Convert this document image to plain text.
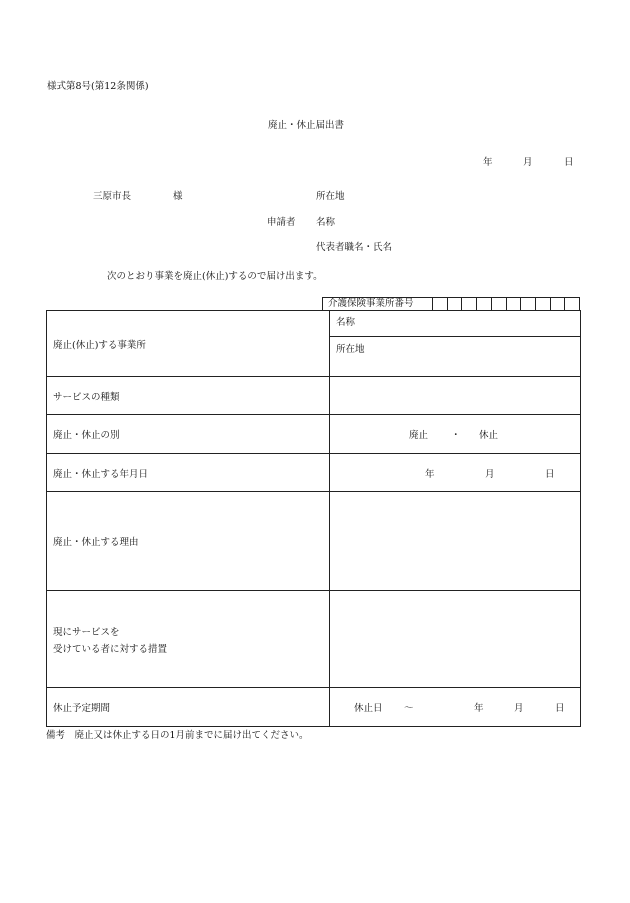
様式第8号(第12条関係)
廃止・休止届出書
年	月	日
三原市長	様	所在地
申請者 名称
代表者職名・氏名
次のとおり事業を廃止(休止)するので届け出ます。
介護保険事業所番号
廃止(休止)する事業所	名称
所在地

サービスの種類	
廃止・休止の別	廃止 ・ 休止

廃止・休止する年月日	年 月 日

廃止・休止する理由	

現にサービスを
受けている者に対する措置	

休止予定期間	休止日 ～ 年 月 日
備考　廃止又は休止する日の1月前までに届け出てください。
